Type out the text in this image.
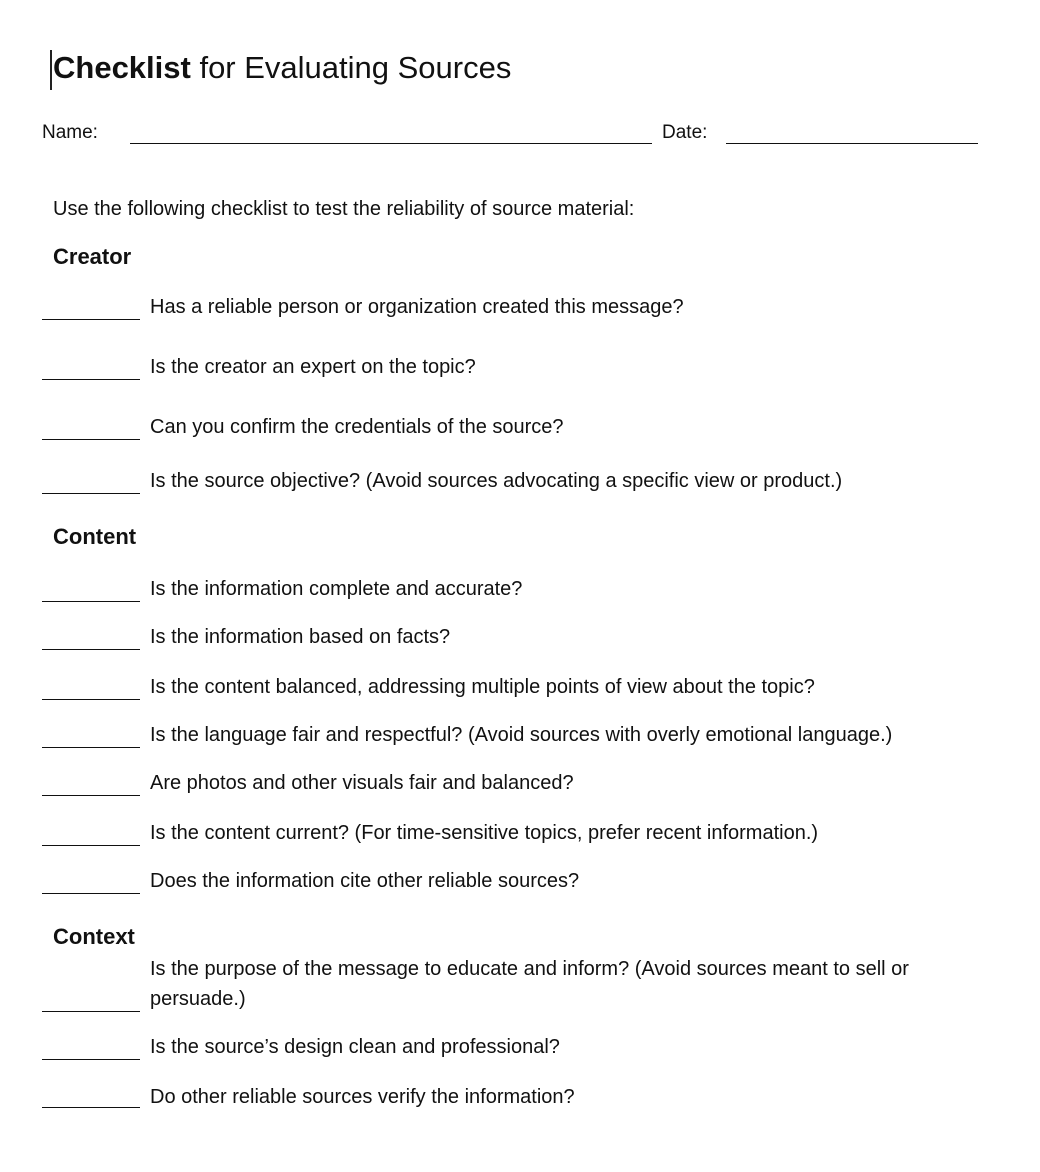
Checklist for Evaluating Sources
Name:	Date:
Use the following checklist to test the reliability of source material:
Creator
Has a reliable person or organization created this message?
Is the creator an expert on the topic?
Can you confirm the credentials of the source?
Is the source objective? (Avoid sources advocating a specific view or product.)
Content
Is the information complete and accurate?
Is the information based on facts?
Is the content balanced, addressing multiple points of view about the topic?
Is the language fair and respectful? (Avoid sources with overly emotional language.)
Are photos and other visuals fair and balanced?
Is the content current? (For time-sensitive topics, prefer recent information.)
Does the information cite other reliable sources?
Context
Is the purpose of the message to educate and inform? (Avoid sources meant to sell or persuade.)
Is the source’s design clean and professional?
Do other reliable sources verify the information?
